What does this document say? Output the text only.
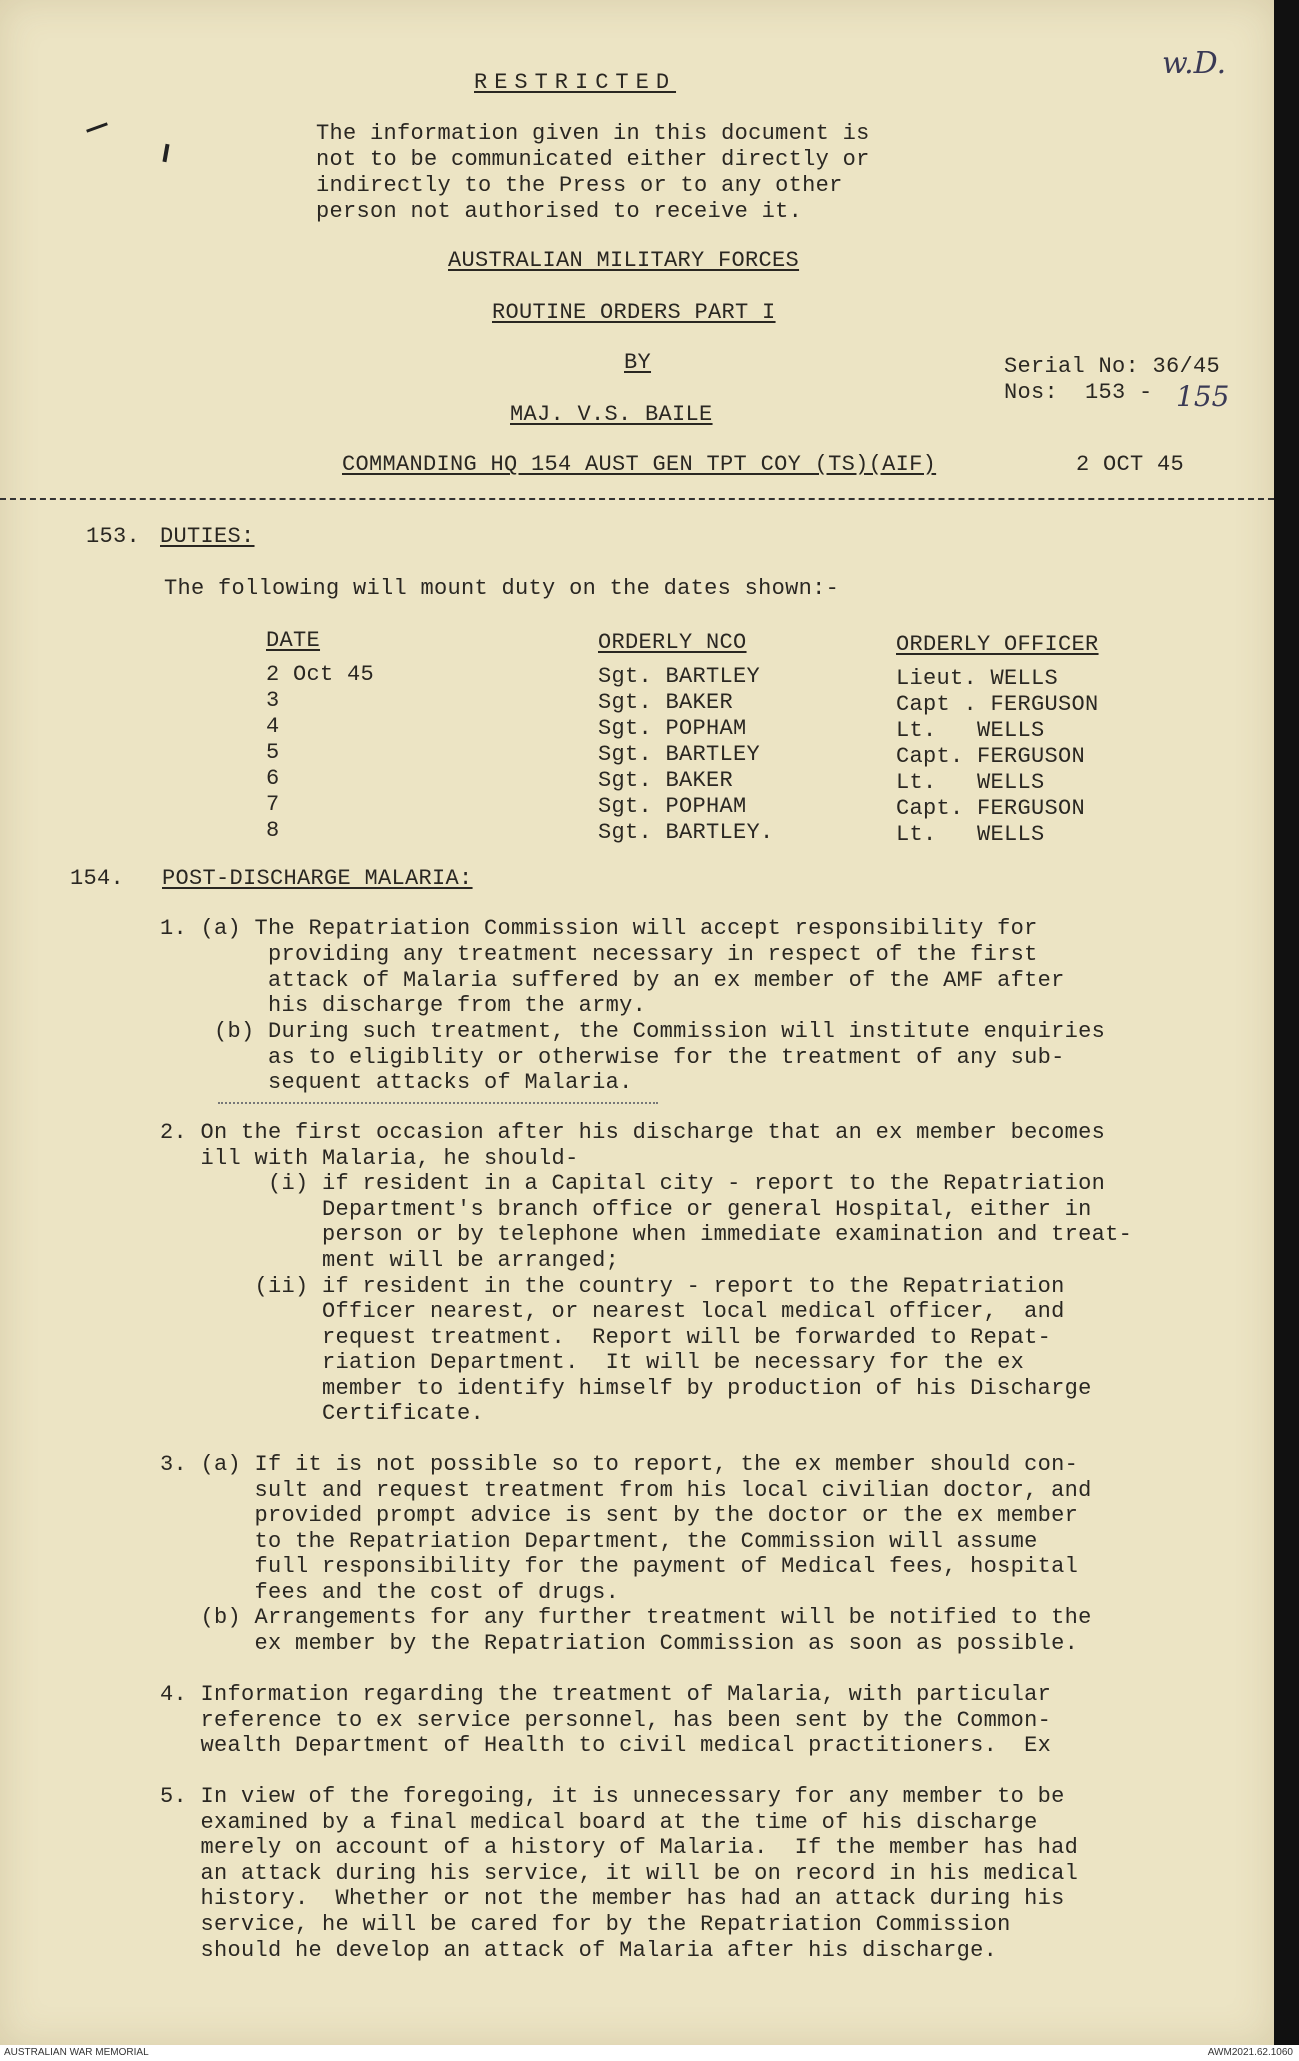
w.D.
RESTRICTED
The information given in this document is
not to be communicated either directly or
indirectly to the Press or to any other
person not authorised to receive it.
AUSTRALIAN MILITARY FORCES
ROUTINE ORDERS PART I
BY
MAJ. V.S. BAILE
COMMANDING HQ 154 AUST GEN TPT COY (TS)(AIF)
Serial No: 36/45
Nos:  153 - 155
2 OCT 45
153. DUTIES:
The following will mount duty on the dates shown:-
DATE	ORDERLY NCO	ORDERLY OFFICER
2 Oct 45	Sgt. BARTLEY	Lieut. WELLS
3	Sgt. BAKER	Capt . FERGUSON
4	Sgt. POPHAM	Lt.   WELLS
5	Sgt. BARTLEY	Capt. FERGUSON
6	Sgt. BAKER	Lt.   WELLS
7	Sgt. POPHAM	Capt. FERGUSON
8	Sgt. BARTLEY.	Lt.   WELLS
154. POST-DISCHARGE MALARIA:
1. (a) The Repatriation Commission will accept responsibility for
providing any treatment necessary in respect of the first
attack of Malaria suffered by an ex member of the AMF after
his discharge from the army.
(b) During such treatment, the Commission will institute enquiries
as to eligiblity or otherwise for the treatment of any sub-
sequent attacks of Malaria.
2. On the first occasion after his discharge that an ex member becomes
ill with Malaria, he should-
(i) if resident in a Capital city - report to the Repatriation
Department's branch office or general Hospital, either in
person or by telephone when immediate examination and treat-
ment will be arranged;
(ii) if resident in the country - report to the Repatriation
Officer nearest, or nearest local medical officer,  and
request treatment.  Report will be forwarded to Repat-
riation Department.  It will be necessary for the ex
member to identify himself by production of his Discharge
Certificate.
3. (a) If it is not possible so to report, the ex member should con-
sult and request treatment from his local civilian doctor, and
provided prompt advice is sent by the doctor or the ex member
to the Repatriation Department, the Commission will assume
full responsibility for the payment of Medical fees, hospital
fees and the cost of drugs.
(b) Arrangements for any further treatment will be notified to the
ex member by the Repatriation Commission as soon as possible.
4. Information regarding the treatment of Malaria, with particular
reference to ex service personnel, has been sent by the Common-
wealth Department of Health to civil medical practitioners.  Ex
5. In view of the foregoing, it is unnecessary for any member to be
examined by a final medical board at the time of his discharge
merely on account of a history of Malaria.  If the member has had
an attack during his service, it will be on record in his medical
history.  Whether or not the member has had an attack during his
service, he will be cared for by the Repatriation Commission
should he develop an attack of Malaria after his discharge.
AUSTRALIAN WAR MEMORIAL	AWM2021.62.1060
